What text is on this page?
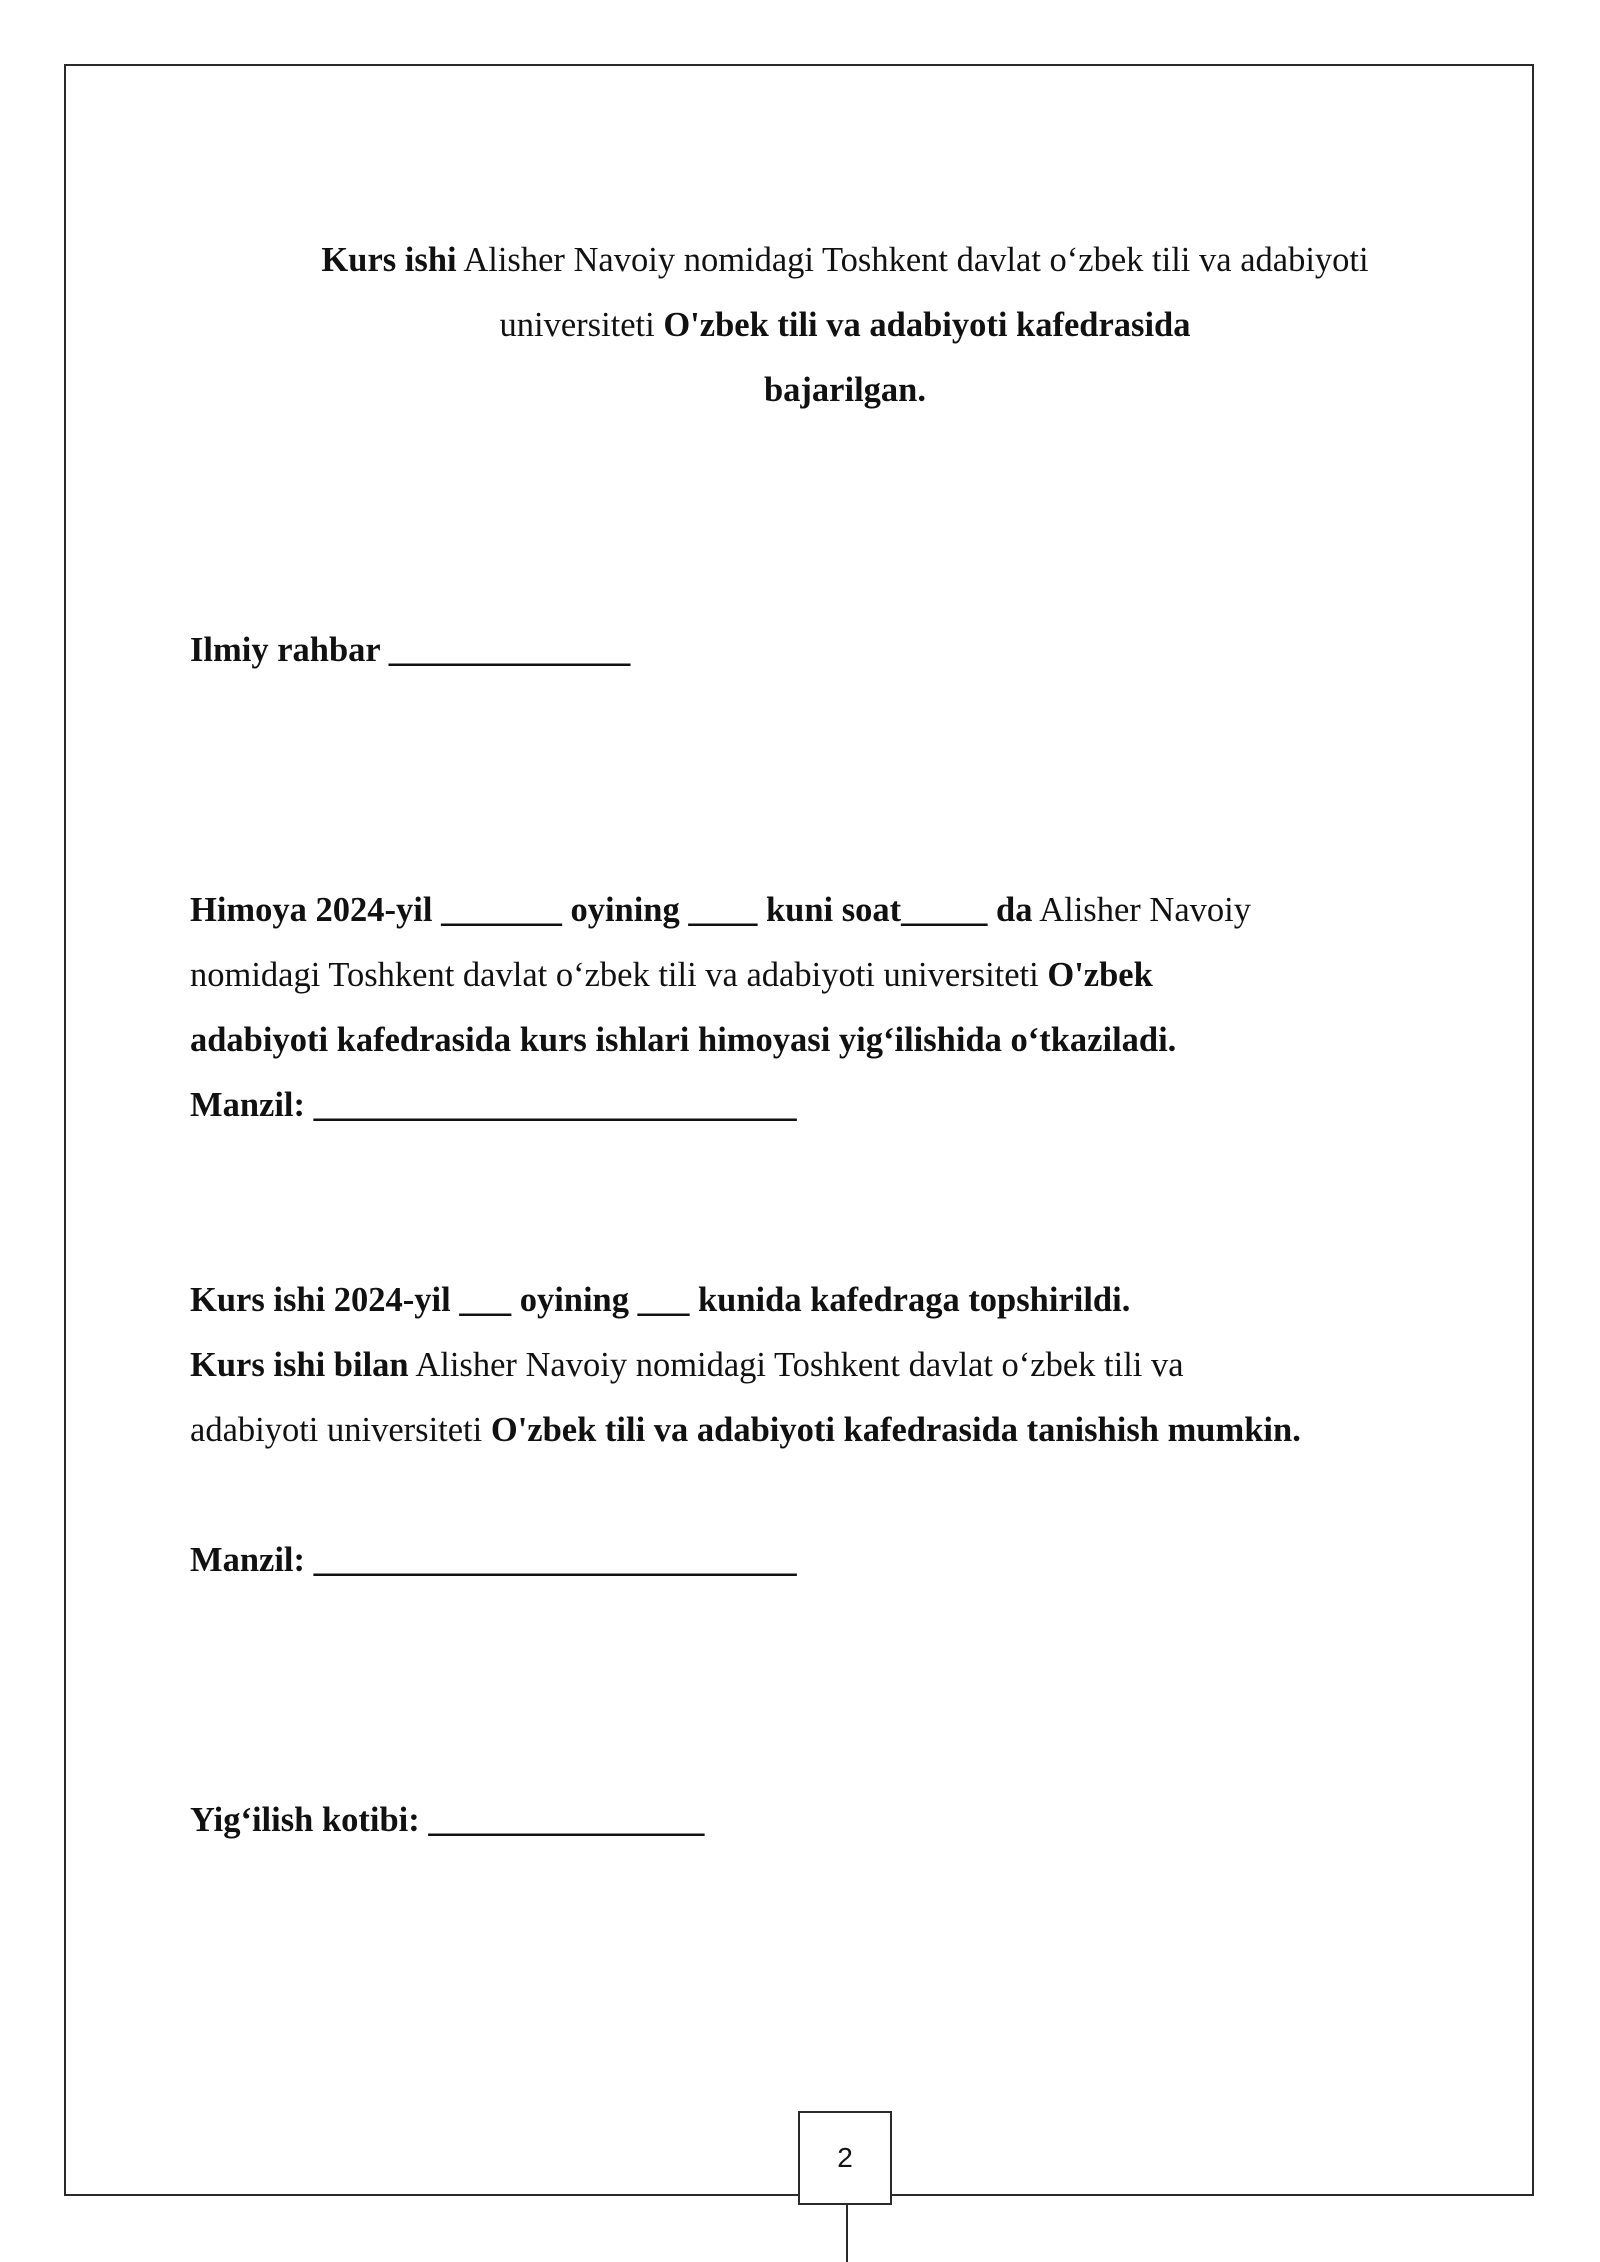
Kurs ishi Alisher Navoiy nomidagi Toshkent davlat o‘zbek tili va adabiyoti
universiteti O'zbek tili va adabiyoti kafedrasida
bajarilgan.
Ilmiy rahbar ______________
Himoya 2024-yil _______ oyining ____ kuni soat_____ da Alisher Navoiy
nomidagi Toshkent davlat o‘zbek tili va adabiyoti universiteti O'zbek
adabiyoti kafedrasida kurs ishlari himoyasi yig‘ilishida o‘tkaziladi.
Manzil: ____________________________
Kurs ishi 2024-yil ___ oyining ___ kunida kafedraga topshirildi.
Kurs ishi bilan Alisher Navoiy nomidagi Toshkent davlat o‘zbek tili va
adabiyoti universiteti O'zbek tili va adabiyoti kafedrasida tanishish mumkin.
Manzil: ____________________________
Yig‘ilish kotibi: ________________
2
